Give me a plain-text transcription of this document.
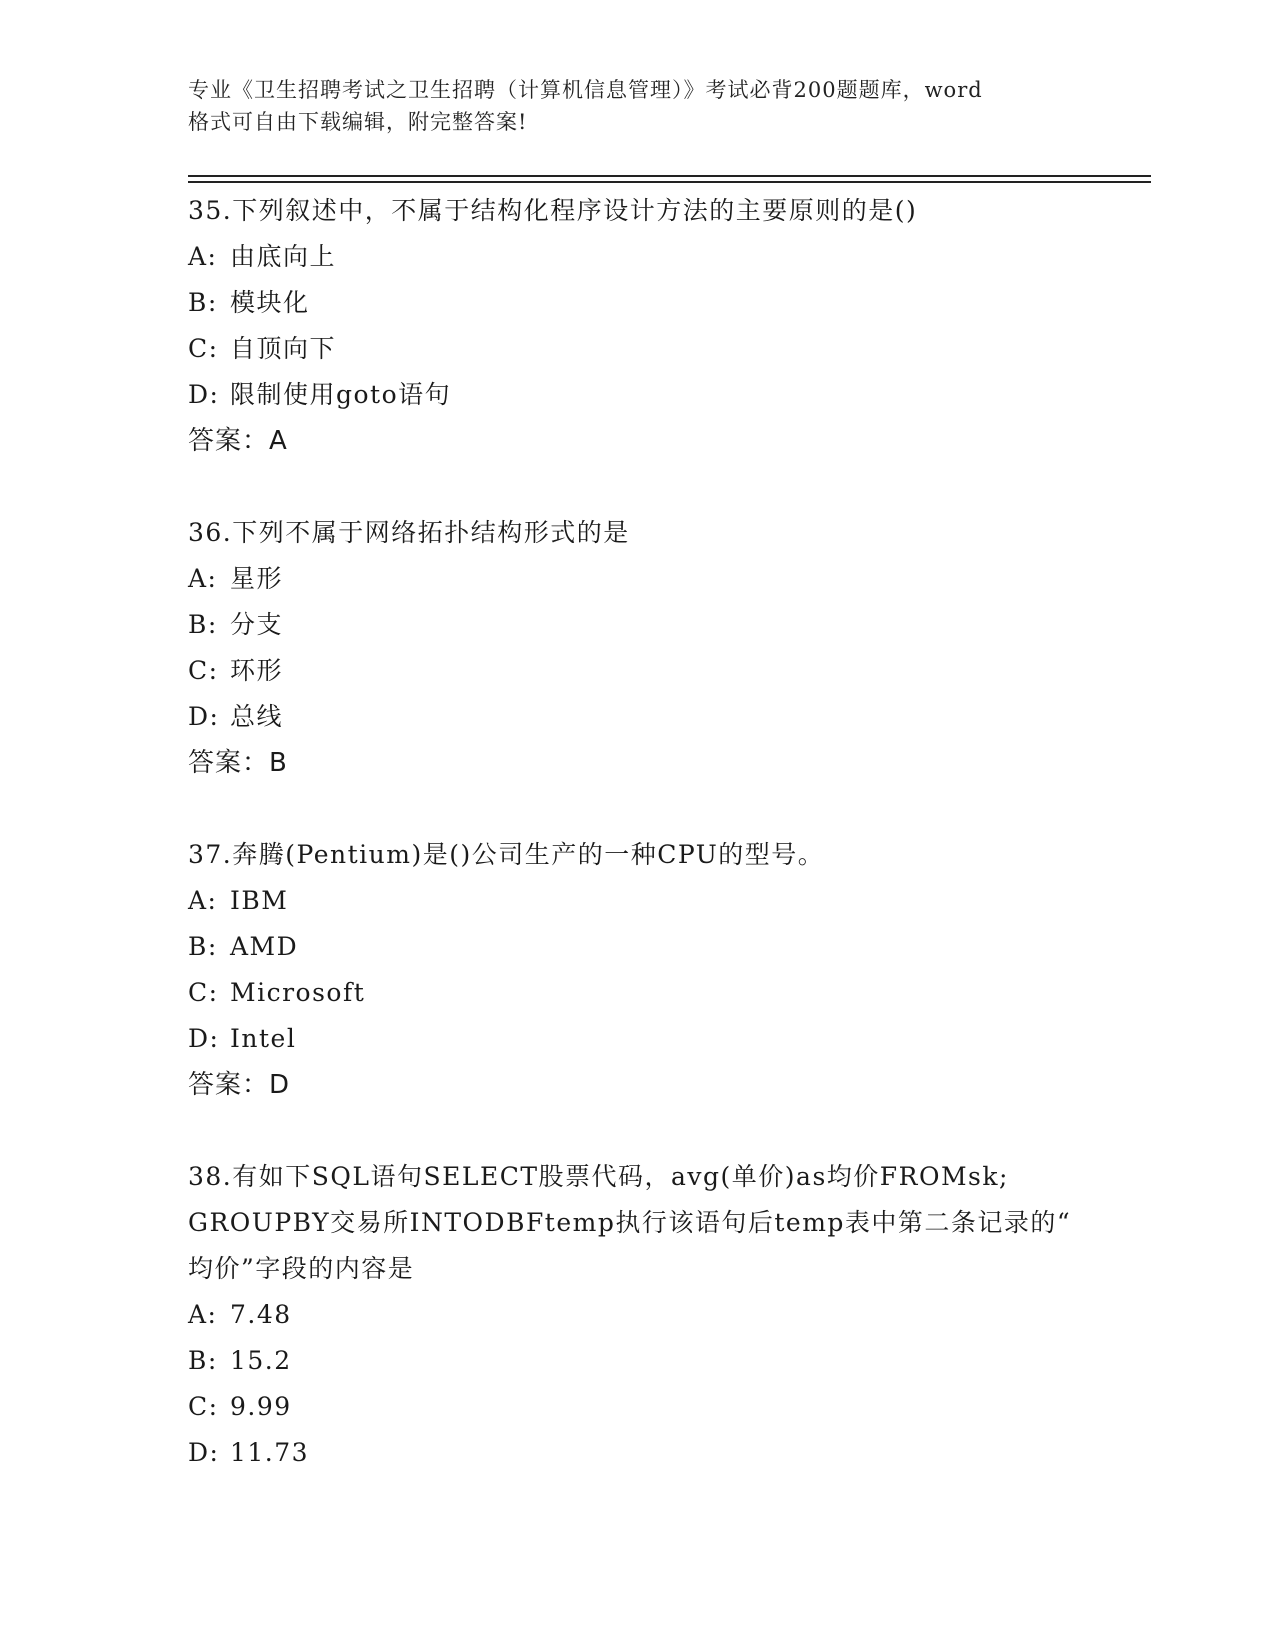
专业《卫生招聘考试之卫生招聘（计算机信息管理）》考试必背200题题库，word

格式可自由下载编辑，附完整答案!

35.下列叙述中，不属于结构化程序设计方法的主要原则的是()

A: 由底向上

B: 模块化

C: 自顶向下

D: 限制使用goto语句

答案：A

36.下列不属于网络拓扑结构形式的是

A: 星形

B: 分支

C: 环形

D: 总线

答案：B

37.奔腾(Pentium)是()公司生产的一种CPU的型号。

A: IBM

B: AMD

C: Microsoft

D: Intel

答案：D

38.有如下SQL语句SELECT股票代码，avg(单价)as均价FROMsk;

GROUPBY交易所INTODBFtemp执行该语句后temp表中第二条记录的“

均价”字段的内容是

A: 7.48

B: 15.2

C: 9.99

D: 11.73
